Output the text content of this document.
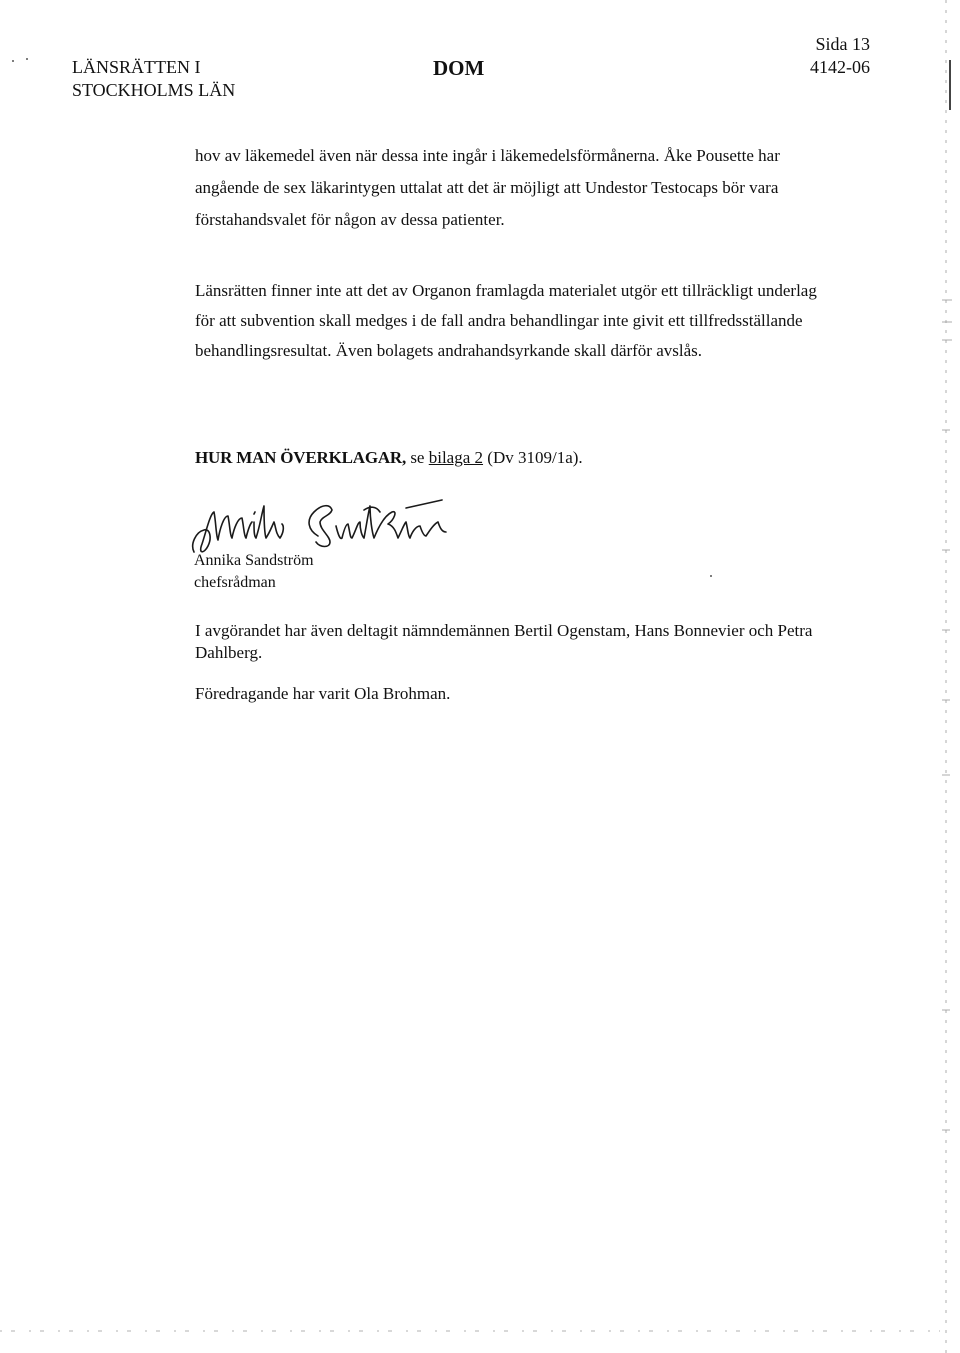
LÄNSRÄTTEN I
STOCKHOLMS LÄN
DOM
Sida 13
4142-06

hov av läkemedel även när dessa inte ingår i läkemedelsförmånerna. Åke Pousette har angående de sex läkarintygen uttalat att det är möjligt att Undestor Testocaps bör vara förstahandsvalet för någon av dessa patienter.

Länsrätten finner inte att det av Organon framlagda materialet utgör ett tillräckligt underlag för att subvention skall medges i de fall andra behandlingar inte givit ett tillfredsställande behandlingsresultat. Även bolagets andrahandsyrkande skall därför avslås.

HUR MAN ÖVERKLAGAR, se bilaga 2 (Dv 3109/1a).
Annika Sandström
chefsrådman

I avgörandet har även deltagit nämndemännen Bertil Ogenstam, Hans Bonnevier och Petra Dahlberg.

Föredragande har varit Ola Brohman.
